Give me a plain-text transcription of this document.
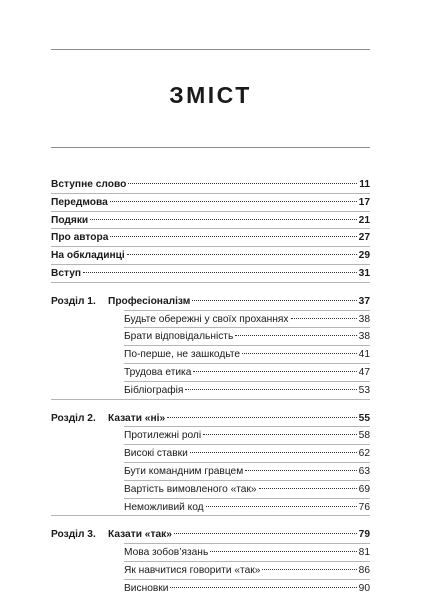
ЗМІСТ
Вступне слово	11
Передмова	17
Подяки	21
Про автора	27
На обкладинці	29
Вступ	31
Розділ 1.	Професіоналізм	37
Будьте обережні у своїх проханнях	38
Брати відповідальність	38
По-перше, не зашкодьте	41
Трудова етика	47
Бібліографія	53
Розділ 2.	Казати «ні»	55
Протилежні ролі	58
Високі ставки	62
Бути командним гравцем	63
Вартість вимовленого «так»	69
Неможливий код	76
Розділ 3.	Казати «так»	79
Мова зобов’язань	81
Як навчитися говорити «так»	86
Висновки	90
